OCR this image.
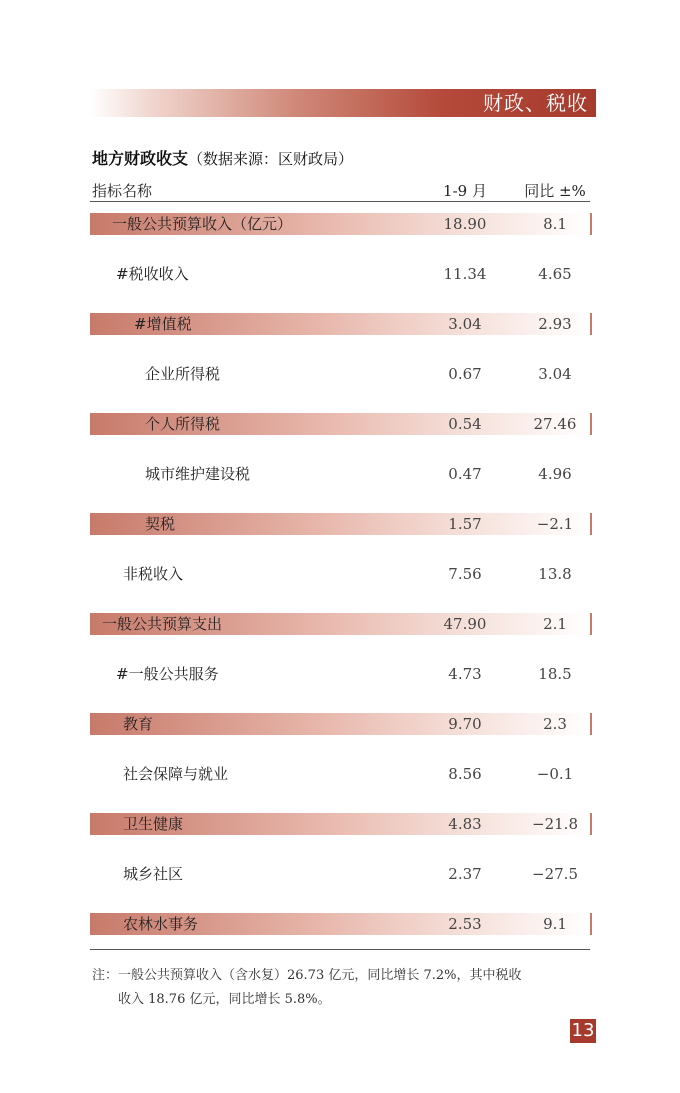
财政、税收
地方财政收支（数据来源：区财政局）
指标名称	1-9 月	同比 ±%
一般公共预算收入（亿元）	18.90	8.1
#税收收入	11.34	4.65
#增值税	3.04	2.93
企业所得税	0.67	3.04
个人所得税	0.54	27.46
城市维护建设税	0.47	4.96
契税	1.57	−2.1
非税收入	7.56	13.8
一般公共预算支出	47.90	2.1
#一般公共服务	4.73	18.5
教育	9.70	2.3
社会保障与就业	8.56	−0.1
卫生健康	4.83	−21.8
城乡社区	2.37	−27.5
农林水事务	2.53	9.1
注：一般公共预算收入（含水复）26.73 亿元，同比增长 7.2%，其中税收
收入 18.76 亿元，同比增长 5.8%。
13
